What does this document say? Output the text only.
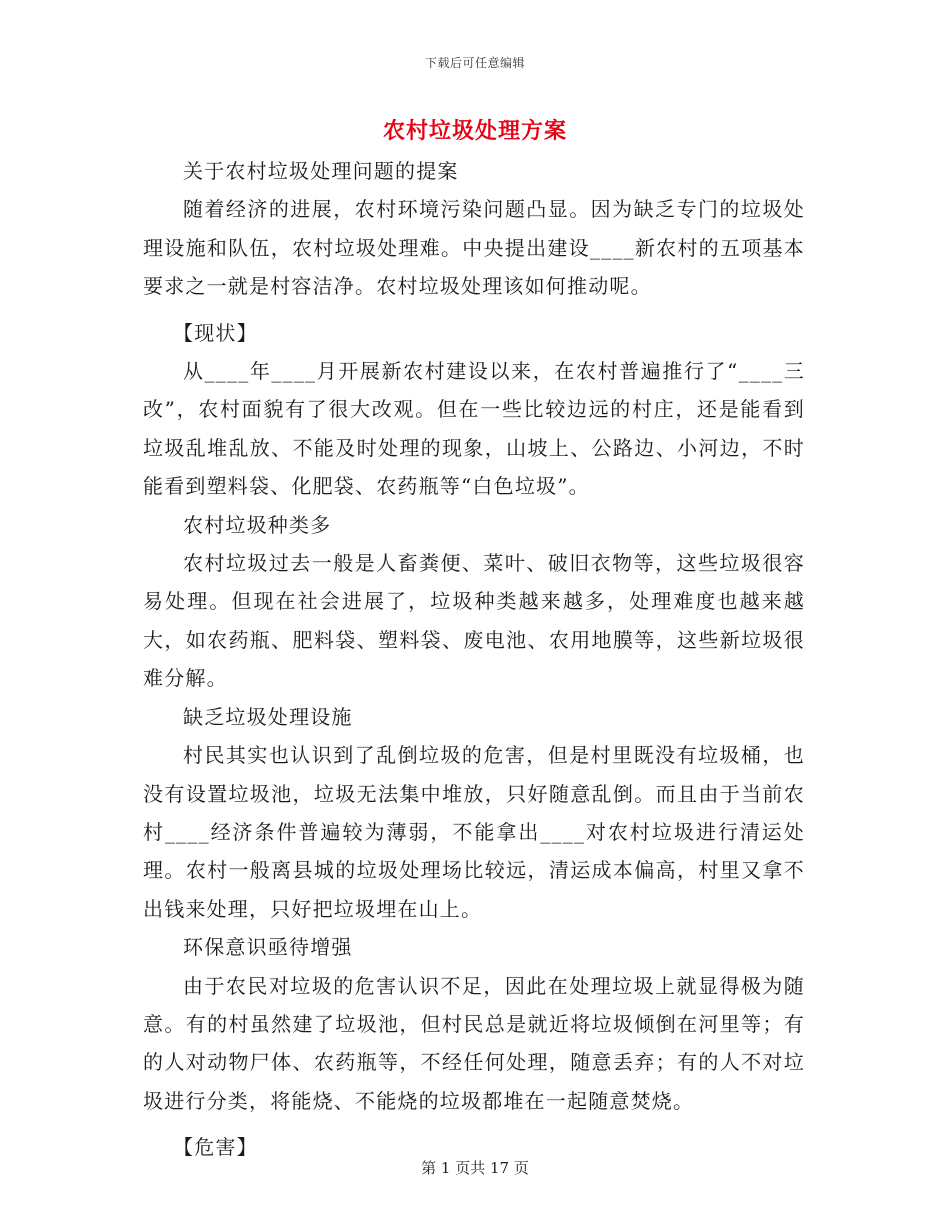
下载后可任意编辑
农村垃圾处理方案

关于农村垃圾处理问题的提案

随着经济的进展，农村环境污染问题凸显。因为缺乏专门的垃圾处理设施和队伍，农村垃圾处理难。中央提出建设____新农村的五项基本要求之一就是村容洁净。农村垃圾处理该如何推动呢。

【现状】

从____年____月开展新农村建设以来，在农村普遍推行了“____三改”，农村面貌有了很大改观。但在一些比较边远的村庄，还是能看到垃圾乱堆乱放、不能及时处理的现象，山坡上、公路边、小河边，不时能看到塑料袋、化肥袋、农药瓶等“白色垃圾”。

农村垃圾种类多

农村垃圾过去一般是人畜粪便、菜叶、破旧衣物等，这些垃圾很容易处理。但现在社会进展了，垃圾种类越来越多，处理难度也越来越大，如农药瓶、肥料袋、塑料袋、废电池、农用地膜等，这些新垃圾很难分解。

缺乏垃圾处理设施

村民其实也认识到了乱倒垃圾的危害，但是村里既没有垃圾桶，也没有设置垃圾池，垃圾无法集中堆放，只好随意乱倒。而且由于当前农村____经济条件普遍较为薄弱，不能拿出____对农村垃圾进行清运处理。农村一般离县城的垃圾处理场比较远，清运成本偏高，村里又拿不出钱来处理，只好把垃圾埋在山上。

环保意识亟待增强

由于农民对垃圾的危害认识不足，因此在处理垃圾上就显得极为随意。有的村虽然建了垃圾池，但村民总是就近将垃圾倾倒在河里等；有的人对动物尸体、农药瓶等，不经任何处理，随意丢弃；有的人不对垃圾进行分类，将能烧、不能烧的垃圾都堆在一起随意焚烧。

【危害】

第 1 页共 17 页
